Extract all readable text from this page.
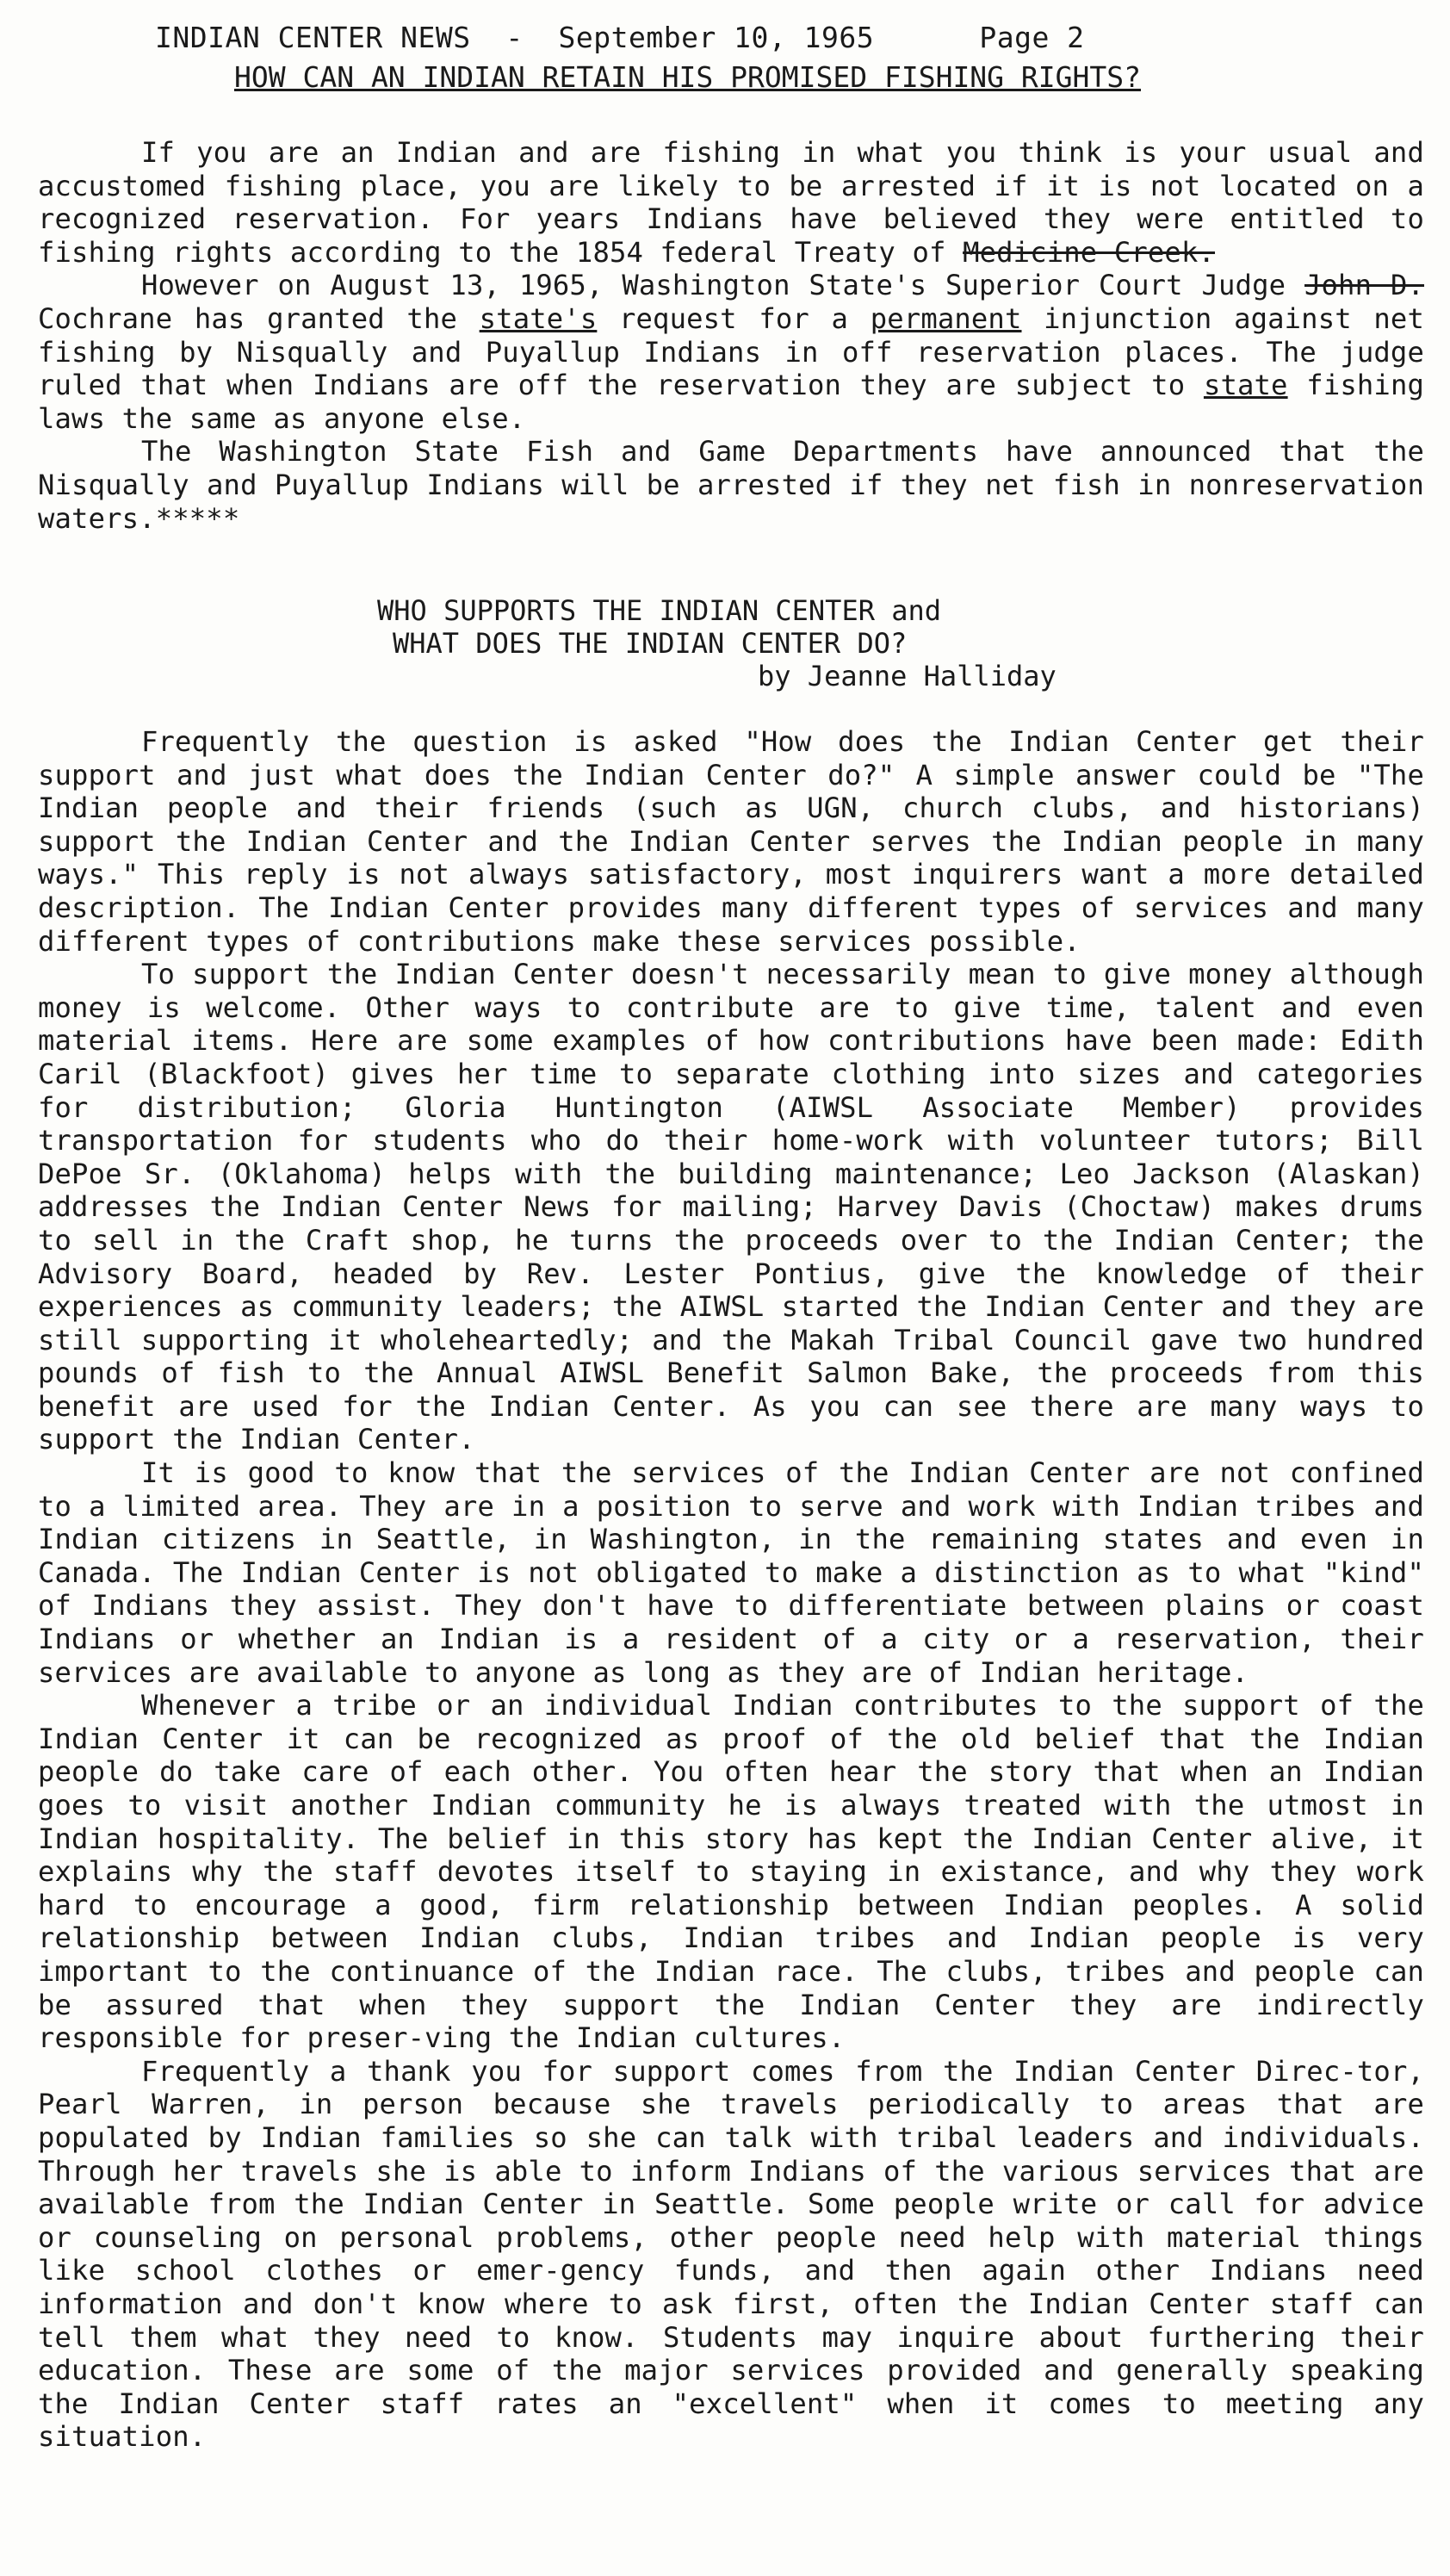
INDIAN CENTER NEWS - September 10, 1965	Page 2
HOW CAN AN INDIAN RETAIN HIS PROMISED FISHING RIGHTS?

If you are an Indian and are fishing in what you think is your usual and accustomed fishing place, you are likely to be arrested if it is not located on a recognized reservation. For years Indians have believed they were entitled to fishing rights according to the 1854 federal Treaty of Medicine Creek.

However on August 13, 1965, Washington State's Superior Court Judge John D. Cochrane has granted the state's request for a permanent injunction against net fishing by Nisqually and Puyallup Indians in off reservation places. The judge ruled that when Indians are off the reservation they are subject to state fishing laws the same as anyone else.

The Washington State Fish and Game Departments have announced that the Nisqually and Puyallup Indians will be arrested if they net fish in nonreservation waters.*****

WHO SUPPORTS THE INDIAN CENTER and
WHAT DOES THE INDIAN CENTER DO?
by Jeanne Halliday

Frequently the question is asked "How does the Indian Center get their support and just what does the Indian Center do?" A simple answer could be "The Indian people and their friends (such as UGN, church clubs, and historians) support the Indian Center and the Indian Center serves the Indian people in many ways." This reply is not always satisfactory, most inquirers want a more detailed description. The Indian Center provides many different types of services and many different types of contributions make these services possible.

To support the Indian Center doesn't necessarily mean to give money although money is welcome. Other ways to contribute are to give time, talent and even material items. Here are some examples of how contributions have been made: Edith Caril (Blackfoot) gives her time to separate clothing into sizes and categories for distribution; Gloria Huntington (AIWSL Associate Member) provides transportation for students who do their home-work with volunteer tutors; Bill DePoe Sr. (Oklahoma) helps with the building maintenance; Leo Jackson (Alaskan) addresses the Indian Center News for mailing; Harvey Davis (Choctaw) makes drums to sell in the Craft shop, he turns the proceeds over to the Indian Center; the Advisory Board, headed by Rev. Lester Pontius, give the knowledge of their experiences as community leaders; the AIWSL started the Indian Center and they are still supporting it wholeheartedly; and the Makah Tribal Council gave two hundred pounds of fish to the Annual AIWSL Benefit Salmon Bake, the proceeds from this benefit are used for the Indian Center. As you can see there are many ways to support the Indian Center.

It is good to know that the services of the Indian Center are not confined to a limited area. They are in a position to serve and work with Indian tribes and Indian citizens in Seattle, in Washington, in the remaining states and even in Canada. The Indian Center is not obligated to make a distinction as to what "kind" of Indians they assist. They don't have to differentiate between plains or coast Indians or whether an Indian is a resident of a city or a reservation, their services are available to anyone as long as they are of Indian heritage.

Whenever a tribe or an individual Indian contributes to the support of the Indian Center it can be recognized as proof of the old belief that the Indian people do take care of each other. You often hear the story that when an Indian goes to visit another Indian community he is always treated with the utmost in Indian hospitality. The belief in this story has kept the Indian Center alive, it explains why the staff devotes itself to staying in existance, and why they work hard to encourage a good, firm relationship between Indian peoples. A solid relationship between Indian clubs, Indian tribes and Indian people is very important to the continuance of the Indian race. The clubs, tribes and people can be assured that when they support the Indian Center they are indirectly responsible for preser-ving the Indian cultures.

Frequently a thank you for support comes from the Indian Center Direc-tor, Pearl Warren, in person because she travels periodically to areas that are populated by Indian families so she can talk with tribal leaders and individuals. Through her travels she is able to inform Indians of the various services that are available from the Indian Center in Seattle. Some people write or call for advice or counseling on personal problems, other people need help with material things like school clothes or emer-gency funds, and then again other Indians need information and don't know where to ask first, often the Indian Center staff can tell them what they need to know. Students may inquire about furthering their education. These are some of the major services provided and generally speaking the Indian Center staff rates an "excellent" when it comes to meeting any situation.
